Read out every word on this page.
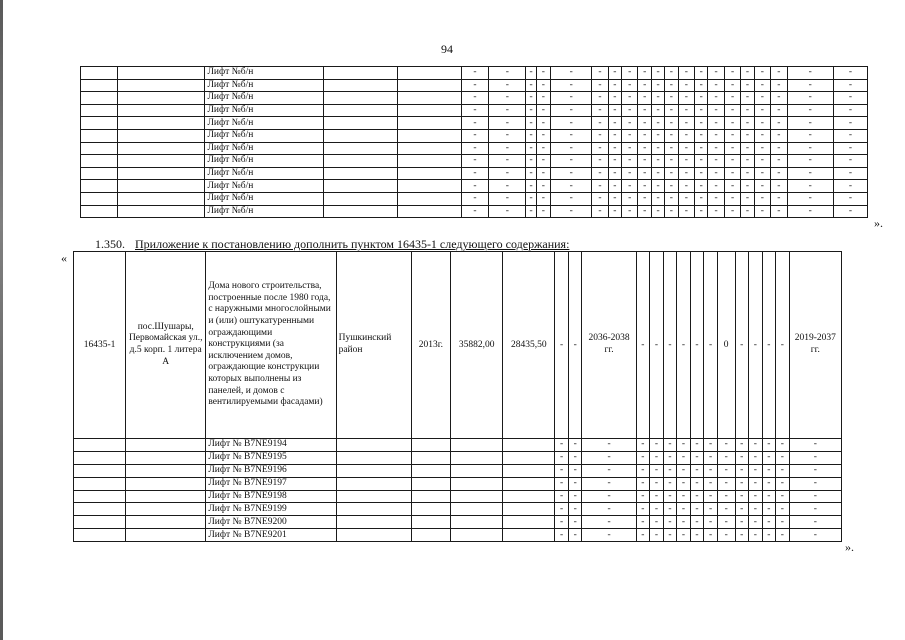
94
		Лифт №б/н			-	-	-	-	-	-	-	-	-	-	-	-	-	-	-	-	-	-	-	-
		Лифт №б/н			-	-	-	-	-	-	-	-	-	-	-	-	-	-	-	-	-	-	-	-
		Лифт №б/н			-	-	-	-	-	-	-	-	-	-	-	-	-	-	-	-	-	-	-	-
		Лифт №б/н			-	-	-	-	-	-	-	-	-	-	-	-	-	-	-	-	-	-	-	-
		Лифт №б/н			-	-	-	-	-	-	-	-	-	-	-	-	-	-	-	-	-	-	-	-
		Лифт №б/н			-	-	-	-	-	-	-	-	-	-	-	-	-	-	-	-	-	-	-	-
		Лифт №б/н			-	-	-	-	-	-	-	-	-	-	-	-	-	-	-	-	-	-	-	-
		Лифт №б/н			-	-	-	-	-	-	-	-	-	-	-	-	-	-	-	-	-	-	-	-
		Лифт №б/н			-	-	-	-	-	-	-	-	-	-	-	-	-	-	-	-	-	-	-	-
		Лифт №б/н			-	-	-	-	-	-	-	-	-	-	-	-	-	-	-	-	-	-	-	-
		Лифт №б/н			-	-	-	-	-	-	-	-	-	-	-	-	-	-	-	-	-	-	-	-
		Лифт №б/н			-	-	-	-	-	-	-	-	-	-	-	-	-	-	-	-	-	-	-	-
».
1.350. Приложение к постановлению дополнить пунктом 16435-1 следующего содержания:
«
16435-1	пос.Шушары, Первомайская ул., д.5 корп. 1 литера А	Дома нового строительства, построенные после 1980 года, с наружными многослойными и (или) оштукатуренными ограждающими конструкциями (за исключением домов, ограждающие конструкции которых выполнены из панелей, и домов с вентилируемыми фасадами)	Пушкинский район	2013г.	35882,00	28435,50	-	-	2036-2038 гг.	-	-	-	-	-	-	0	-	-	-	-	2019-2037 гг.
		Лифт № B7NE9194					-	-	-	-	-	-	-	-	-	-	-	-	-	-	-
		Лифт № B7NE9195					-	-	-	-	-	-	-	-	-	-	-	-	-	-	-
		Лифт № B7NE9196					-	-	-	-	-	-	-	-	-	-	-	-	-	-	-
		Лифт № B7NE9197					-	-	-	-	-	-	-	-	-	-	-	-	-	-	-
		Лифт № B7NE9198					-	-	-	-	-	-	-	-	-	-	-	-	-	-	-
		Лифт № B7NE9199					-	-	-	-	-	-	-	-	-	-	-	-	-	-	-
		Лифт № B7NE9200					-	-	-	-	-	-	-	-	-	-	-	-	-	-	-
		Лифт № B7NE9201					-	-	-	-	-	-	-	-	-	-	-	-	-	-	-
».
